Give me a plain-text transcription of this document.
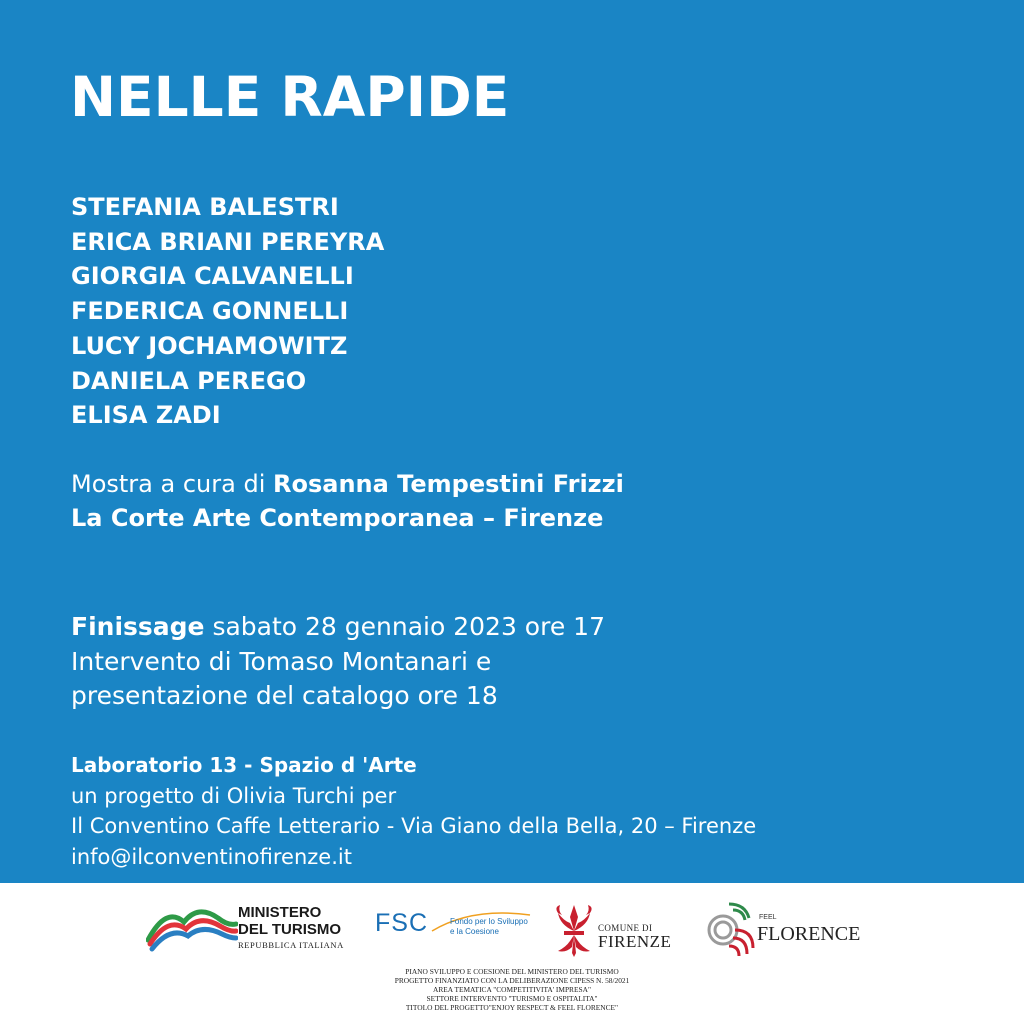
NELLE RAPIDE
STEFANIA BALESTRI
ERICA BRIANI PEREYRA
GIORGIA CALVANELLI
FEDERICA GONNELLI
LUCY JOCHAMOWITZ
DANIELA PEREGO
ELISA ZADI
Mostra a cura di Rosanna Tempestini Frizzi
La Corte Arte Contemporanea – Firenze
Finissage sabato 28 gennaio 2023 ore 17
Intervento di Tomaso Montanari e
presentazione del catalogo ore 18
Laboratorio 13 - Spazio d 'Arte
un progetto di Olivia Turchi per
Il Conventino Caffe Letterario - Via Giano della Bella, 20 – Firenze
info@ilconventinofirenze.it
MINISTERO
DEL TURISMO
REPUBBLICA ITALIANA
FSC	Fondo per lo Sviluppo
e la Coesione	COMUNE DI
FIRENZE
FEEL
FLORENCE
PIANO SVILUPPO E COESIONE DEL MINISTERO DEL TURISMO
PROGETTO FINANZIATO CON LA DELIBERAZIONE CIPESS N. 58/2021
AREA TEMATICA "COMPETITIVITA' IMPRESA"
SETTORE INTERVENTO "TURISMO E OSPITALITA"
TITOLO DEL PROGETTO"ENJOY RESPECT & FEEL FLORENCE"
